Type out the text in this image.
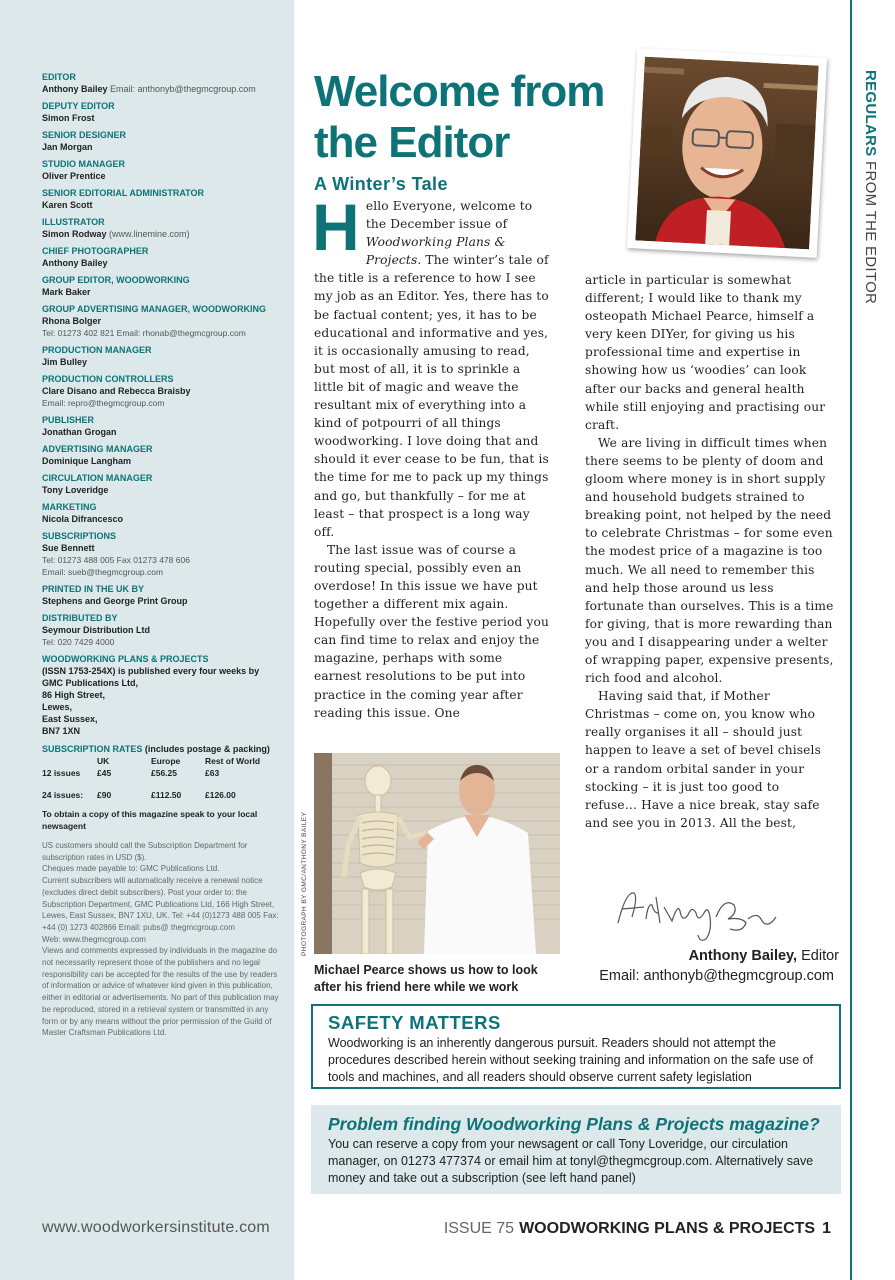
EDITOR
Anthony Bailey Email: anthonyb@thegmcgroup.com
DEPUTY EDITOR
Simon Frost
SENIOR DESIGNER
Jan Morgan
STUDIO MANAGER
Oliver Prentice
SENIOR EDITORIAL ADMINISTRATOR
Karen Scott
ILLUSTRATOR
Simon Rodway (www.linemine.com)
CHIEF PHOTOGRAPHER
Anthony Bailey
GROUP EDITOR, WOODWORKING
Mark Baker
GROUP ADVERTISING MANAGER, WOODWORKING
Rhona Bolger
Tel: 01273 402 821 Email: rhonab@thegmcgroup.com
PRODUCTION MANAGER
Jim Bulley
PRODUCTION CONTROLLERS
Clare Disano and Rebecca Braisby
Email: repro@thegmcgroup.com
PUBLISHER
Jonathan Grogan
ADVERTISING MANAGER
Dominique Langham
CIRCULATION MANAGER
Tony Loveridge
MARKETING
Nicola Difrancesco
SUBSCRIPTIONS
Sue Bennett
Tel: 01273 488 005 Fax 01273 478 606
Email: sueb@thegmcgroup.com
PRINTED IN THE UK BY
Stephens and George Print Group
DISTRIBUTED BY
Seymour Distribution Ltd
Tel: 020 7429 4000
WOODWORKING PLANS & PROJECTS
(ISSN 1753-254X) is published every four weeks by
GMC Publications Ltd,
86 High Street,
Lewes,
East Sussex,
BN7 1XN
SUBSCRIPTION RATES (includes postage & packing)
	UK	Europe	Rest of World
12 issues	£45	£56.25	£63

24 issues:	£90	£112.50	£126.00
To obtain a copy of this magazine speak to your local newsagent
US customers should call the Subscription Department for subscription rates in USD ($).
Cheques made payable to: GMC Publications Ltd.
Current subscribers will automatically receive a renewal notice (excludes direct debit subscribers). Post your order to: the Subscription Department, GMC Publications Ltd, 166 High Street, Lewes, East Sussex, BN7 1XU, UK. Tel: +44 (0)1273 488 005 Fax: +44 (0) 1273 402866 Email: pubs@ thegmcgroup.com
Web: www.thegmcgroup.com
Views and comments expressed by individuals in the magazine do not necessarily represent those of the publishers and no legal responsibility can be accepted for the results of the use by readers of information or advice of whatever kind given in this publication, either in editorial or advertisements. No part of this publication may be reproduced, stored in a retrieval system or transmitted in any form or by any means without the prior permission of the Guild of Master Craftsman Publications Ltd.
www.woodworkersinstitute.com
REGULARS FROM THE EDITOR
Welcome from the Editor
A Winter’s Tale

Hello Everyone, welcome to the December issue of Woodworking Plans & Projects. The winter’s tale of the title is a reference to how I see my job as an Editor. Yes, there has to be factual content; yes, it has to be educational and informative and yes, it is occasionally amusing to read, but most of all, it is to sprinkle a little bit of magic and weave the resultant mix of everything into a kind of potpourri of all things woodworking. I love doing that and should it ever cease to be fun, that is the time for me to pack up my things and go, but thankfully – for me at least – that prospect is a long way off.

The last issue was of course a routing special, possibly even an overdose! In this issue we have put together a different mix again. Hopefully over the festive period you can find time to relax and enjoy the magazine, perhaps with some earnest resolutions to be put into practice in the coming year after reading this issue. One

article in particular is somewhat different; I would like to thank my osteopath Michael Pearce, himself a very keen DIYer, for giving us his professional time and expertise in showing how us ‘woodies’ can look after our backs and general health while still enjoying and practising our craft.

We are living in difficult times when there seems to be plenty of doom and gloom where money is in short supply and household budgets strained to breaking point, not helped by the need to celebrate Christmas – for some even the modest price of a magazine is too much. We all need to remember this and help those around us less fortunate than ourselves. This is a time for giving, that is more rewarding than you and I disappearing under a welter of wrapping paper, expensive presents, rich food and alcohol.

Having said that, if Mother Christmas – come on, you know who really organises it all – should just happen to leave a set of bevel chisels or a random orbital sander in your stocking – it is just too good to refuse… Have a nice break, stay safe and see you in 2013. All the best,

PHOTOGRAPH BY GMC/ANTHONY BAILEY
Michael Pearce shows us how to look after his friend here while we work
Anthony Bailey, Editor
Email: anthonyb@thegmcgroup.com
SAFETY MATTERS
Woodworking is an inherently dangerous pursuit. Readers should not attempt the procedures described herein without seeking training and information on the safe use of tools and machines, and all readers should observe current safety legislation
Problem finding Woodworking Plans & Projects magazine?
You can reserve a copy from your newsagent or call Tony Loveridge, our circulation manager, on 01273 477374 or email him at tonyl@thegmcgroup.com. Alternatively save money and take out a subscription (see left hand panel)
ISSUE 75 WOODWORKING PLANS & PROJECTS 1
